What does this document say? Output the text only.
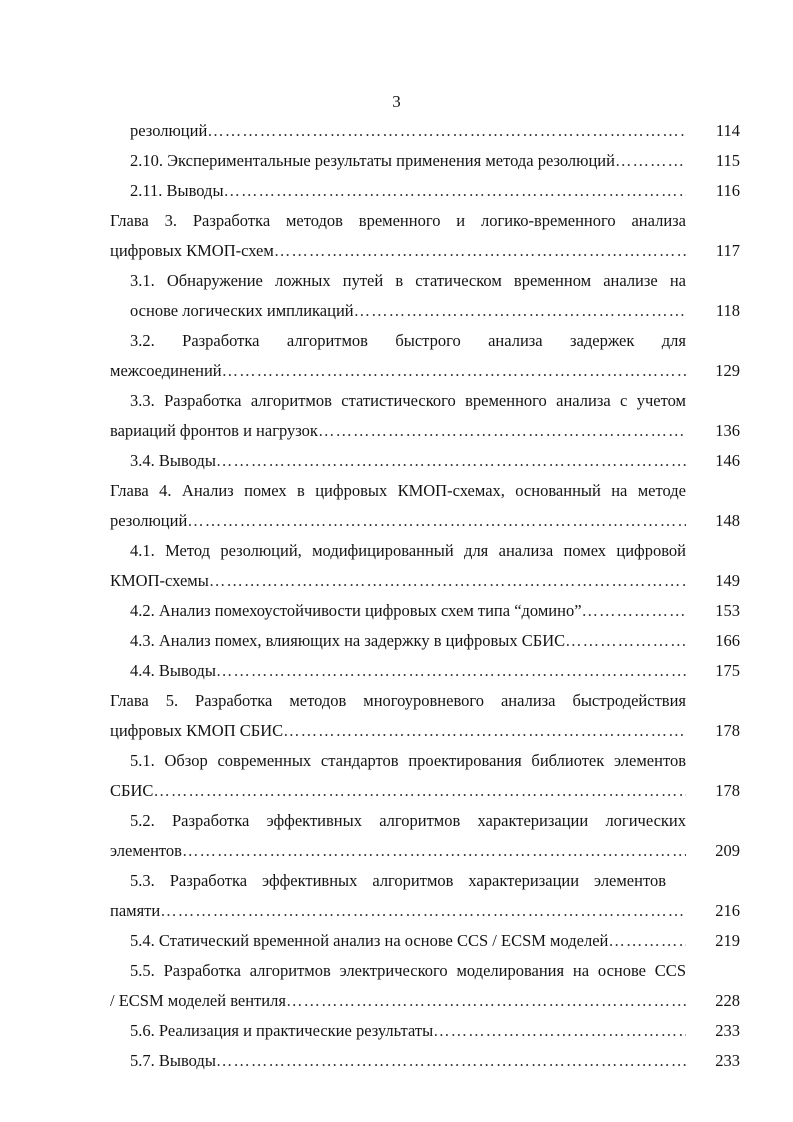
3
резолюций …………………………………………………………………………………………………………………………………………………………………………	114
2.10. Экспериментальные результаты применения метода резолюций …………………………………………………………………………………………………………………………………………………………………………	115
2.11. Выводы …………………………………………………………………………………………………………………………………………………………………………	116
Глава 3. Разработка методов временного и логико-временного анализа
цифровых КМОП-схем …………………………………………………………………………………………………………………………………………………………………………	117
3.1. Обнаружение ложных путей в статическом временном анализе на
основе логических импликаций …………………………………………………………………………………………………………………………………………………………………………	118
3.2. Разработка алгоритмов быстрого анализа задержек для
межсоединений …………………………………………………………………………………………………………………………………………………………………………	129
3.3. Разработка алгоритмов статистического временного анализа с учетом
вариаций фронтов и нагрузок …………………………………………………………………………………………………………………………………………………………………………	136
3.4. Выводы …………………………………………………………………………………………………………………………………………………………………………	146
Глава 4. Анализ помех в цифровых КМОП-схемах, основанный на методе
резолюций …………………………………………………………………………………………………………………………………………………………………………	148
4.1. Метод резолюций, модифицированный для анализа помех цифровой
КМОП-схемы …………………………………………………………………………………………………………………………………………………………………………	149
4.2. Анализ помехоустойчивости цифровых схем типа “домино” …………………………………………………………………………………………………………………………………………………………………………	153
4.3. Анализ помех, влияющих на задержку в цифровых СБИС …………………………………………………………………………………………………………………………………………………………………………	166
4.4. Выводы …………………………………………………………………………………………………………………………………………………………………………	175
Глава 5. Разработка методов многоуровневого анализа быстродействия
цифровых КМОП СБИС …………………………………………………………………………………………………………………………………………………………………………	178
5.1. Обзор современных стандартов проектирования библиотек элементов
СБИС …………………………………………………………………………………………………………………………………………………………………………	178
5.2. Разработка эффективных алгоритмов характеризации логических
элементов …………………………………………………………………………………………………………………………………………………………………………	209
5.3. Разработка эффективных алгоритмов характеризации элементов
памяти …………………………………………………………………………………………………………………………………………………………………………	216
5.4. Статический временной анализ на основе CCS / ECSM моделей …………………………………………………………………………………………………………………………………………………………………………	219
5.5. Разработка алгоритмов электрического моделирования на основе CCS
/ ECSM моделей вентиля …………………………………………………………………………………………………………………………………………………………………………	228
5.6. Реализация и практические результаты …………………………………………………………………………………………………………………………………………………………………………	233
5.7. Выводы …………………………………………………………………………………………………………………………………………………………………………	233
